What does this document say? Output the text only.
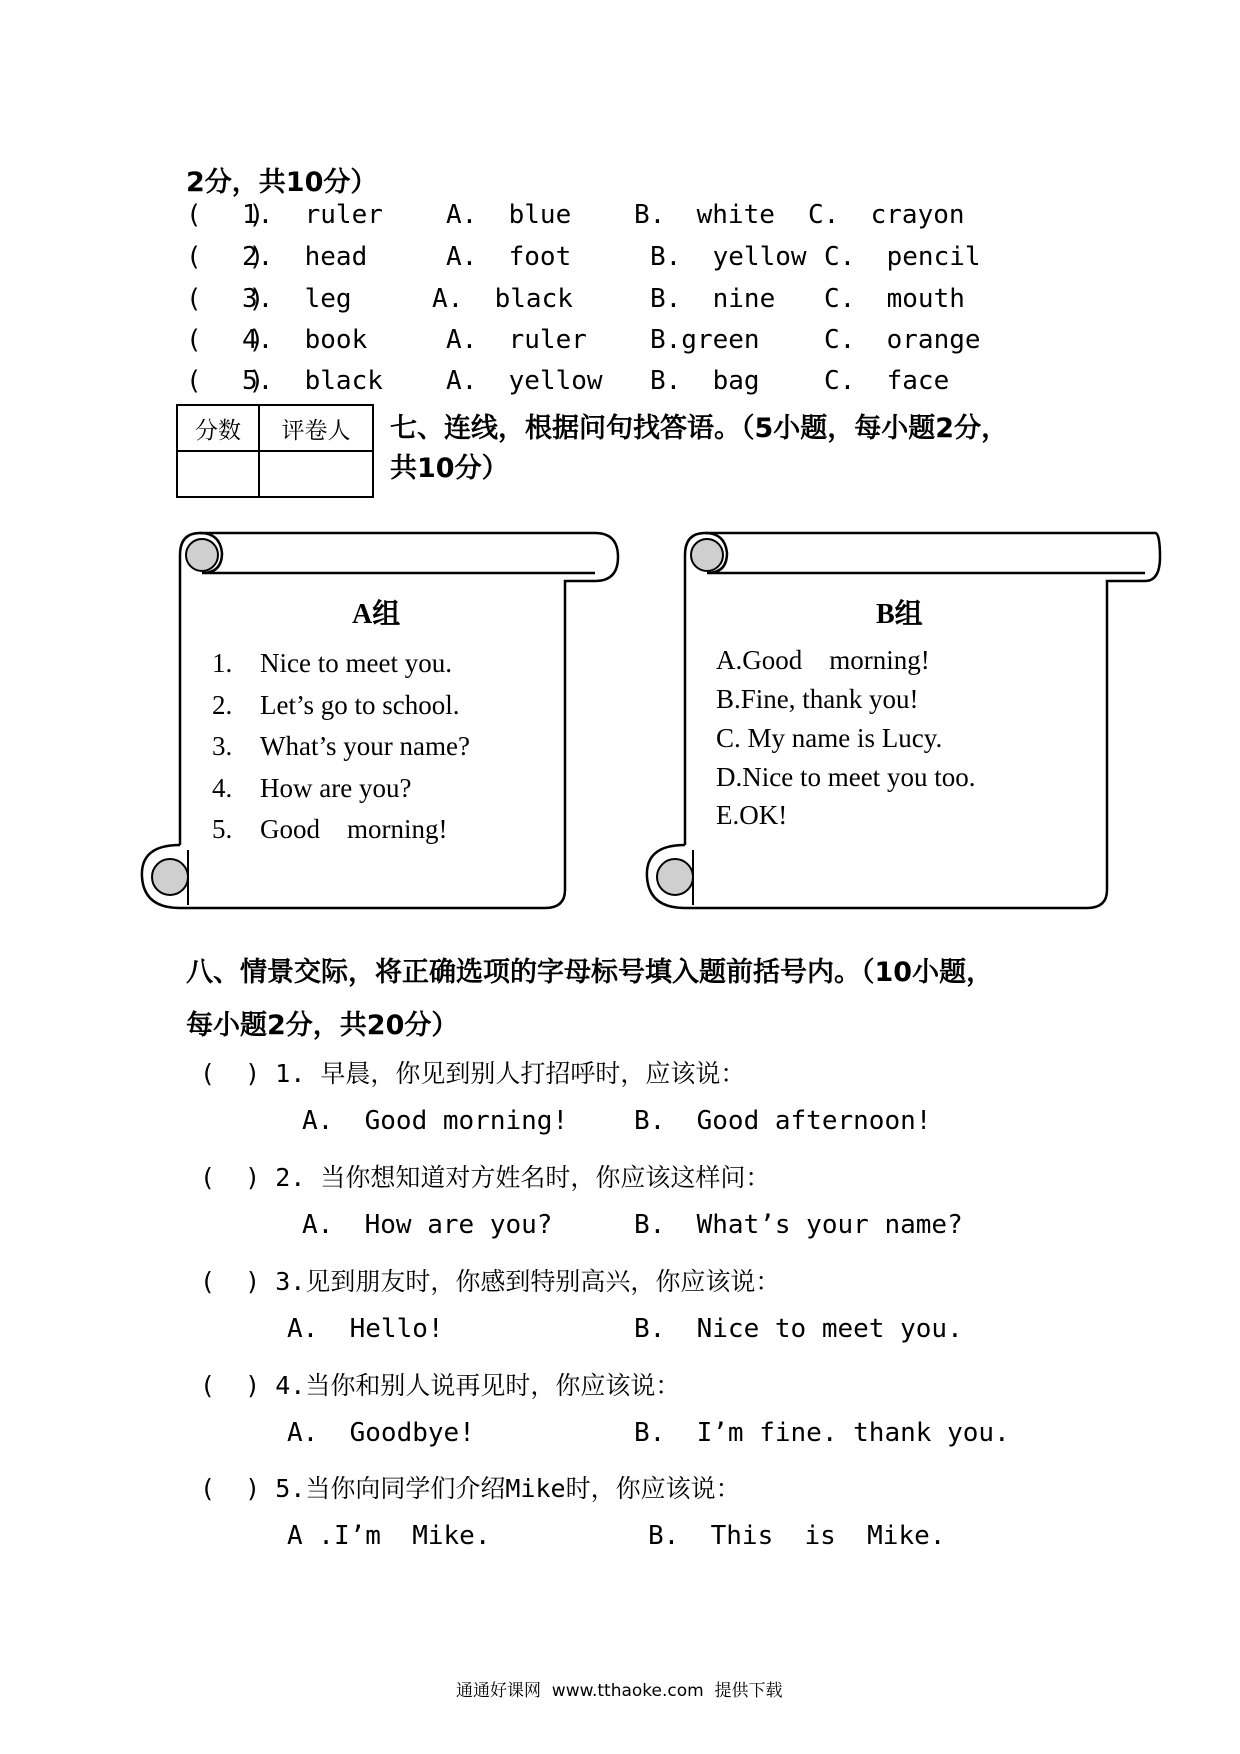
2分，共10分）
(   )
1.  ruler A.  blue B.  white C.  crayon
(   )
2.  head	A.  foot	B.  yellow C.  pencil
(   )
3.  leg	A.  black	B.  nine C.  mouth
(   )
4.  book	A.  ruler B.green C.  orange
(   )
5.  black A.  yellow B.  bag C.  face
分数	评卷人
	七、连线，根据问句找答语。（5小题，每小题2分，
共10分）
A组
1. Nice to meet you.
2. Let’s go to school.
3. What’s your name?
4. How are you?
5. Good    morning!
B组
A.Good    morning!
B.Fine, thank you!
C. My name is Lucy.
D.Nice to meet you too.
E.OK!
八、情景交际，将正确选项的字母标号填入题前括号内。（10小题，
每小题2分，共20分）
(  ) 1. 早晨，你见到别人打招呼时，应该说：
A.  Good morning!	B.  Good afternoon!
(  ) 2. 当你想知道对方姓名时，你应该这样问：
A.  How are you?	B.  What’s your name?
(  ) 3.见到朋友时，你感到特别高兴，你应该说：
A.  Hello!	B.  Nice to meet you.
(  ) 4.当你和别人说再见时，你应该说：
A.  Goodbye!	B.  I’m fine. thank you.
(  ) 5.当你向同学们介绍Mike时，你应该说：
A .I’m  Mike.	B.  This  is  Mike.
通通好课网  www.tthaoke.com  提供下载
